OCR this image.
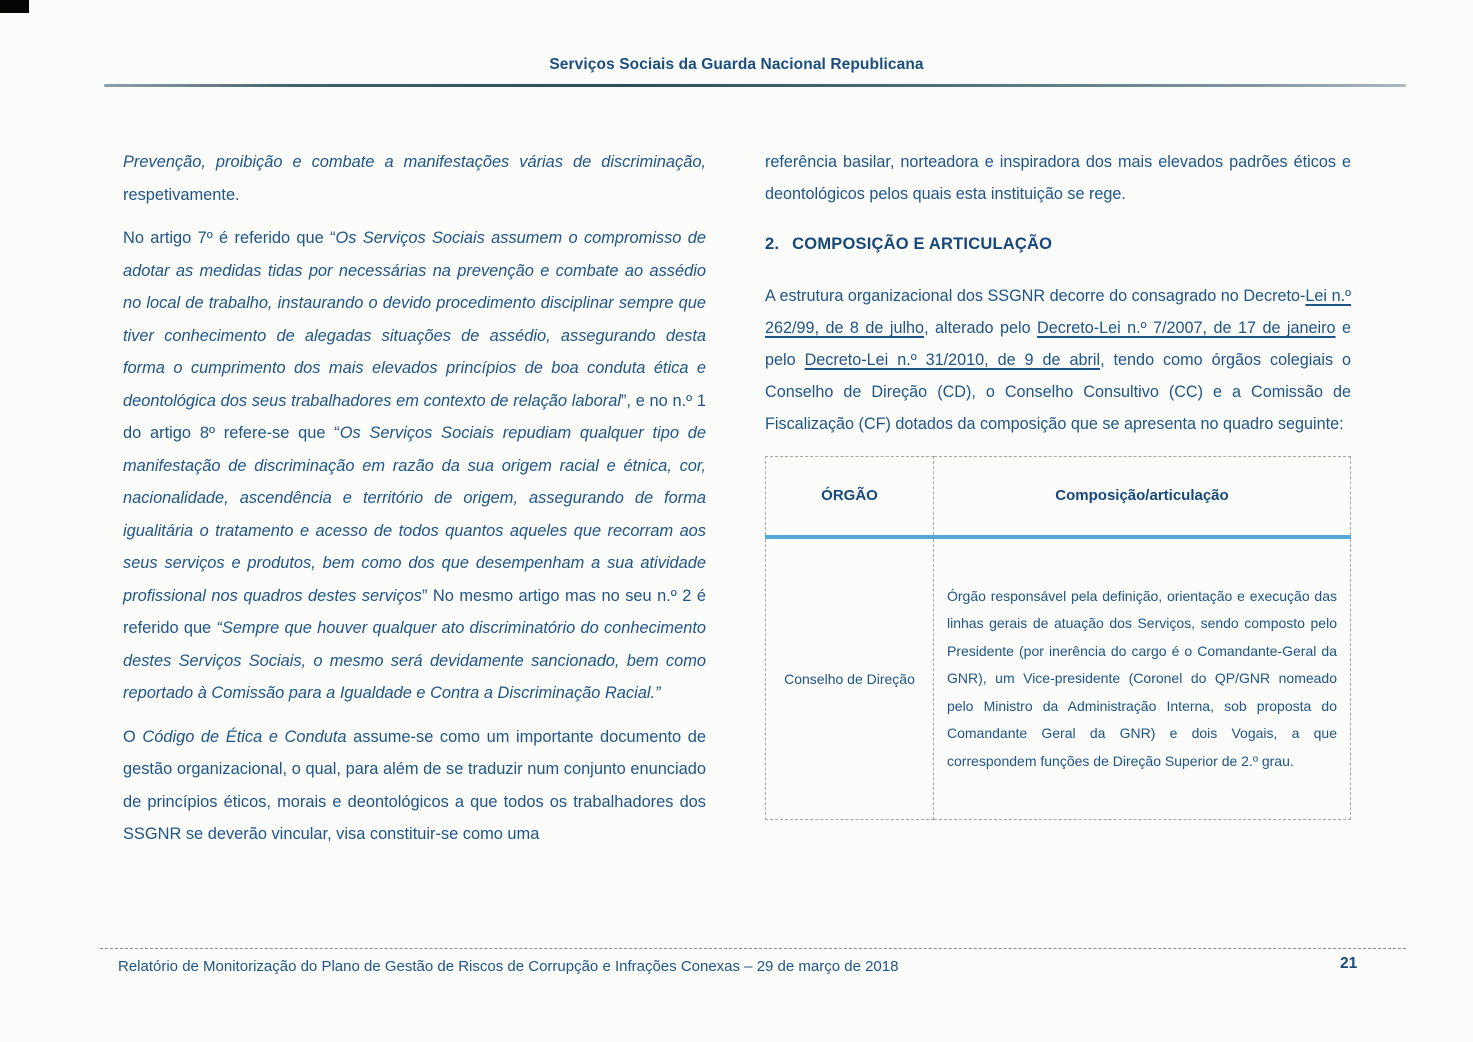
Serviços Sociais da Guarda Nacional Republicana

Prevenção, proibição e combate a manifestações várias de discriminação, respetivamente.

No artigo 7º é referido que “Os Serviços Sociais assumem o compromisso de adotar as medidas tidas por necessárias na prevenção e combate ao assédio no local de trabalho, instaurando o devido procedimento disciplinar sempre que tiver conhecimento de alegadas situações de assédio, assegurando desta forma o cumprimento dos mais elevados princípios de boa conduta ética e deontológica dos seus trabalhadores em contexto de relação laboral”, e no n.º 1 do artigo 8º refere-se que “Os Serviços Sociais repudiam qualquer tipo de manifestação de discriminação em razão da sua origem racial e étnica, cor, nacionalidade, ascendência e território de origem, assegurando de forma igualitária o tratamento e acesso de todos quantos aqueles que recorram aos seus serviços e produtos, bem como dos que desempenham a sua atividade profissional nos quadros destes serviços” No mesmo artigo mas no seu n.º 2 é referido que “Sempre que houver qualquer ato discriminatório do conhecimento destes Serviços Sociais, o mesmo será devidamente sancionado, bem como reportado à Comissão para a Igualdade e Contra a Discriminação Racial.”

O Código de Ética e Conduta assume-se como um importante documento de gestão organizacional, o qual, para além de se traduzir num conjunto enunciado de princípios éticos, morais e deontológicos a que todos os trabalhadores dos SSGNR se deverão vincular, visa constituir-se como uma

referência basilar, norteadora e inspiradora dos mais elevados padrões éticos e deontológicos pelos quais esta instituição se rege.

2. COMPOSIÇÃO E ARTICULAÇÃO

A estrutura organizacional dos SSGNR decorre do consagrado no Decreto-Lei n.º 262/99, de 8 de julho, alterado pelo Decreto-Lei n.º 7/2007, de 17 de janeiro e pelo Decreto-Lei n.º 31/2010, de 9 de abril, tendo como órgãos colegiais o Conselho de Direção (CD), o Conselho Consultivo (CC) e a Comissão de Fiscalização (CF) dotados da composição que se apresenta no quadro seguinte:

ÓRGÃO	Composição/articulação
Conselho de Direção	Órgão responsável pela definição, orientação e execução das linhas gerais de atuação dos Serviços, sendo composto pelo Presidente (por inerência do cargo é o Comandante-Geral da GNR), um Vice-presidente (Coronel do QP/GNR nomeado pelo Ministro da Administração Interna, sob proposta do Comandante Geral da GNR) e dois Vogais, a que correspondem funções de Direção Superior de 2.º grau.
Relatório de Monitorização do Plano de Gestão de Riscos de Corrupção e Infrações Conexas – 29 de março de 2018	21
